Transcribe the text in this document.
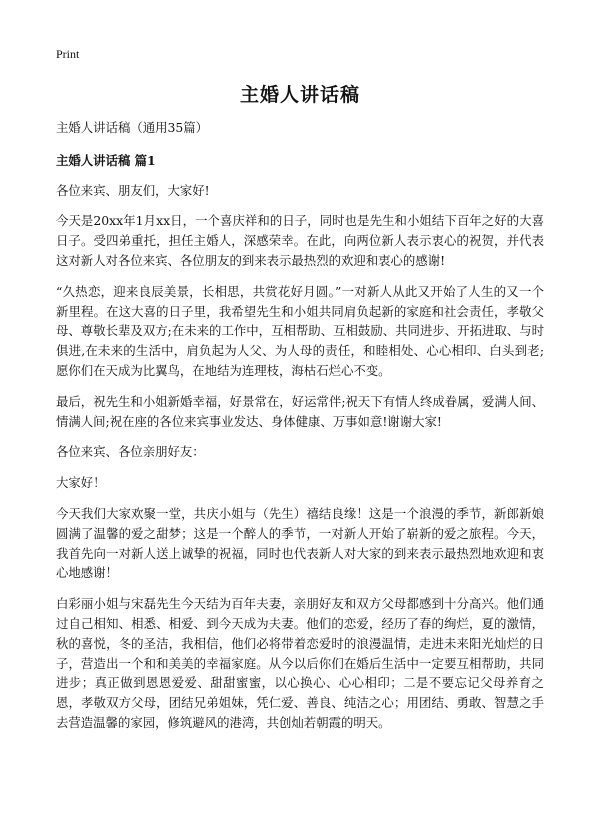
Print
主婚人讲话稿

主婚人讲话稿（通用35篇）

主婚人讲话稿 篇1

各位来宾、朋友们，大家好!

今天是20xx年1月xx日，一个喜庆祥和的日子，同时也是先生和小姐结下百年之好的大喜日子。受四弟重托，担任主婚人，深感荣幸。在此，向两位新人表示衷心的祝贺，并代表这对新人对各位来宾、各位朋友的到来表示最热烈的欢迎和衷心的感谢!

“久热恋，迎来良辰美景，长相思，共赏花好月圆。”一对新人从此又开始了人生的又一个新里程。在这大喜的日子里，我希望先生和小姐共同肩负起新的家庭和社会责任，孝敬父母、尊敬长辈及双方;在未来的工作中，互相帮助、互相鼓励、共同进步、开拓进取、与时俱进,在未来的生活中，肩负起为人父、为人母的责任，和睦相处、心心相印、白头到老;愿你们在天成为比翼鸟，在地结为连理枝，海枯石烂心不变。

最后，祝先生和小姐新婚幸福，好景常在，好运常伴;祝天下有情人终成眷属，爱满人间、情满人间;祝在座的各位来宾事业发达、身体健康、万事如意!谢谢大家!

各位来宾、各位亲朋好友：

大家好！

今天我们大家欢聚一堂，共庆小姐与（先生）禧结良缘！这是一个浪漫的季节，新郎新娘圆满了温馨的爱之甜梦；这是一个醉人的季节，一对新人开始了崭新的爱之旅程。今天，我首先向一对新人送上诚挚的祝福，同时也代表新人对大家的到来表示最热烈地欢迎和衷心地感谢！

白彩丽小姐与宋磊先生今天结为百年夫妻，亲朋好友和双方父母都感到十分高兴。他们通过自己相知、相悉、相爱、到今天成为夫妻。他们的恋爱，经历了春的绚烂，夏的激情，秋的喜悦，冬的圣洁，我相信，他们必将带着恋爱时的浪漫温情，走进未来阳光灿烂的日子，营造出一个和和美美的幸福家庭。从今以后你们在婚后生活中一定要互相帮助，共同进步；真正做到恩恩爱爱、甜甜蜜蜜，以心换心、心心相印；二是不要忘记父母养育之恩，孝敬双方父母，团结兄弟姐妹，凭仁爱、善良、纯洁之心；用团结、勇敢、智慧之手去营造温馨的家园，修筑避风的港湾，共创灿若朝霞的明天。
